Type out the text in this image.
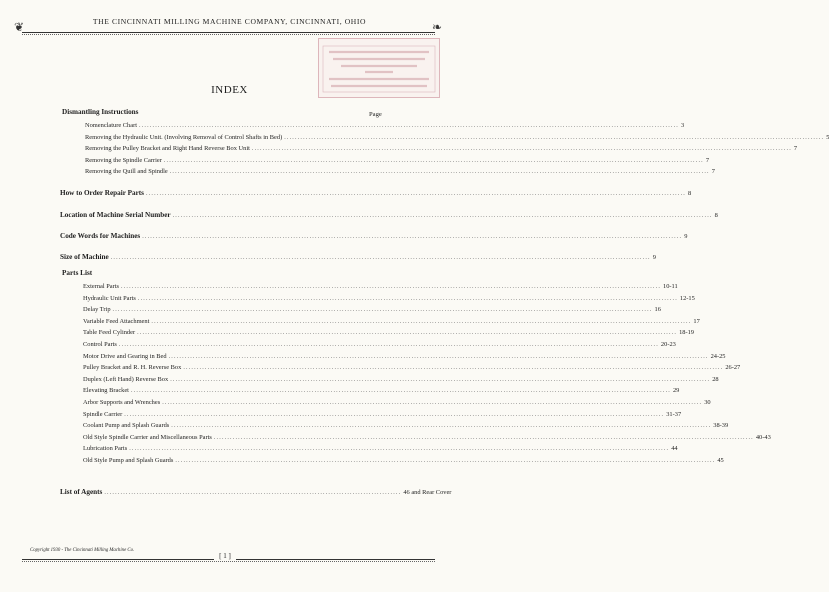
❦	THE CINCINNATI MILLING MACHINE COMPANY, CINCINNATI, OHIO	❧
INDEX
Dismantling Instructions	Page
Nomenclature Chart ........................................................................................................................................................................................................ 3
Removing the Hydraulic Unit. (Involving Removal of Control Shafts in Bed) ........................................................................................................................................................................................................ 5
Removing the Pulley Bracket and Right Hand Reverse Box Unit ........................................................................................................................................................................................................ 7
Removing the Spindle Carrier ........................................................................................................................................................................................................ 7
Removing the Quill and Spindle ........................................................................................................................................................................................................ 7
How to Order Repair Parts ........................................................................................................................................................................................................ 8
Location of Machine Serial Number ........................................................................................................................................................................................................ 8
Code Words for Machines ........................................................................................................................................................................................................ 9
Size of Machine ........................................................................................................................................................................................................ 9
Parts List
External Parts ........................................................................................................................................................................................................ 10-11
Hydraulic Unit Parts ........................................................................................................................................................................................................ 12-15
Delay Trip ........................................................................................................................................................................................................ 16
Variable Feed Attachment ........................................................................................................................................................................................................ 17
Table Feed Cylinder ........................................................................................................................................................................................................ 18-19
Control Parts ........................................................................................................................................................................................................ 20-23
Motor Drive and Gearing in Bed ........................................................................................................................................................................................................ 24-25
Pulley Bracket and R. H. Reverse Box ........................................................................................................................................................................................................ 26-27
Duplex (Left Hand) Reverse Box ........................................................................................................................................................................................................ 28
Elevating Bracket ........................................................................................................................................................................................................ 29
Arbor Supports and Wrenches ........................................................................................................................................................................................................ 30
Spindle Carrier ........................................................................................................................................................................................................ 31-37
Coolant Pump and Splash Guards ........................................................................................................................................................................................................ 38-39
Old Style Spindle Carrier and Miscellaneous Parts ........................................................................................................................................................................................................ 40-43
Lubrication Parts ........................................................................................................................................................................................................ 44
Old Style Pump and Splash Guards ........................................................................................................................................................................................................ 45
List of Agents .............................................................................................................. 46 and Rear Cover
Copyright 1930 - The Cincinnati Milling Machine Co.
[ 1 ]
